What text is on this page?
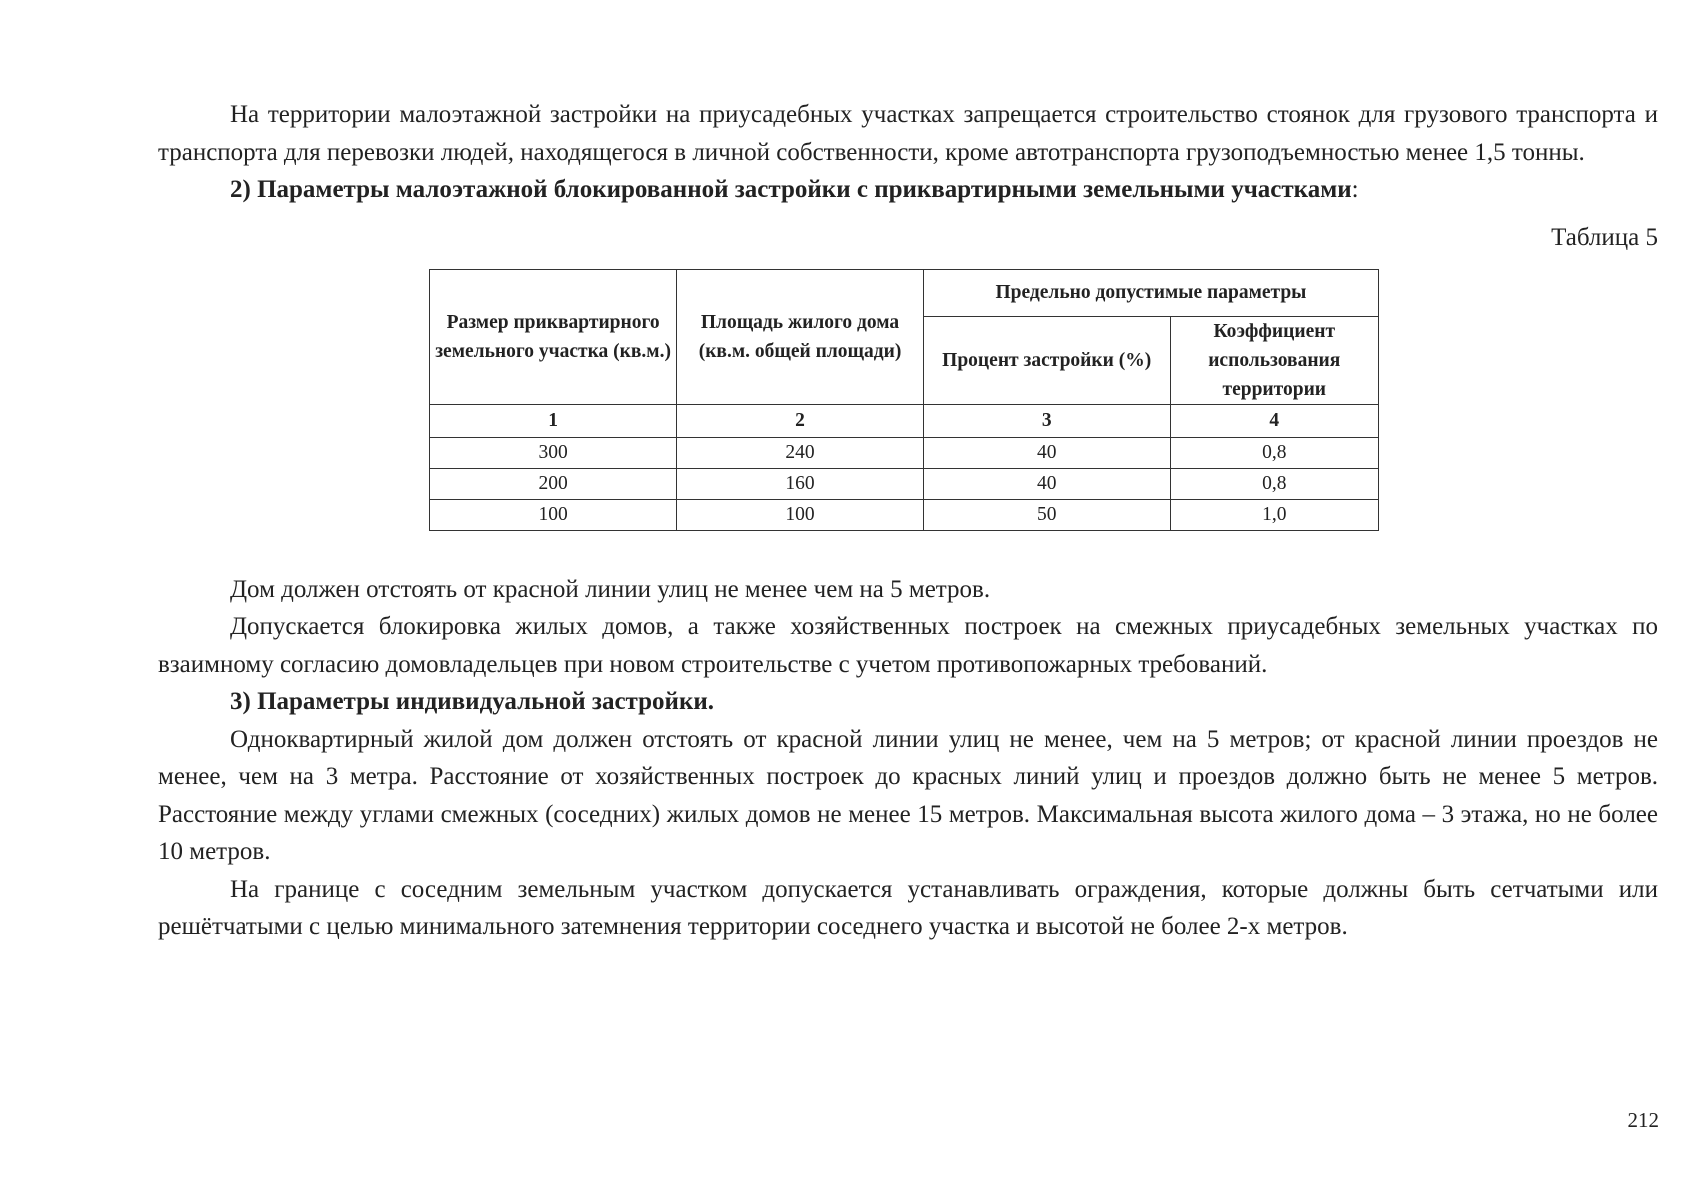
На территории малоэтажной застройки на приусадебных участках запрещается строительство стоянок для грузового транспорта и транспорта для перевозки людей, находящегося в личной собственности, кроме автотранспорта грузоподъемностью менее 1,5 тонны.

2) Параметры малоэтажной блокированной застройки с приквартирными земельными участками:

Таблица 5
Размер приквартирного земельного участка (кв.м.)	Площадь жилого дома (кв.м. общей площади)	Предельно допустимые параметры	
		Процент застройки (%)	Коэффициент использования территории
1	2	3	4
300	240	40	0,8
200	160	40	0,8
100	100	50	1,0

Дом должен отстоять от красной линии улиц не менее чем на 5 метров.

Допускается блокировка жилых домов, а также хозяйственных построек на смежных приусадебных земельных участках по взаимному согласию домовладельцев при новом строительстве с учетом противопожарных требований.

3) Параметры индивидуальной застройки.

Одноквартирный жилой дом должен отстоять от красной линии улиц не менее, чем на 5 метров; от красной линии проездов не менее, чем на 3 метра. Расстояние от хозяйственных построек до красных линий улиц и проездов должно быть не менее 5 метров. Расстояние между углами смежных (соседних) жилых домов не менее 15 метров. Максимальная высота жилого дома – 3 этажа, но не более 10 метров.

На границе с соседним земельным участком допускается устанавливать ограждения, которые должны быть сетчатыми или решётчатыми с целью минимального затемнения территории соседнего участка и высотой не более 2-х метров.

212
